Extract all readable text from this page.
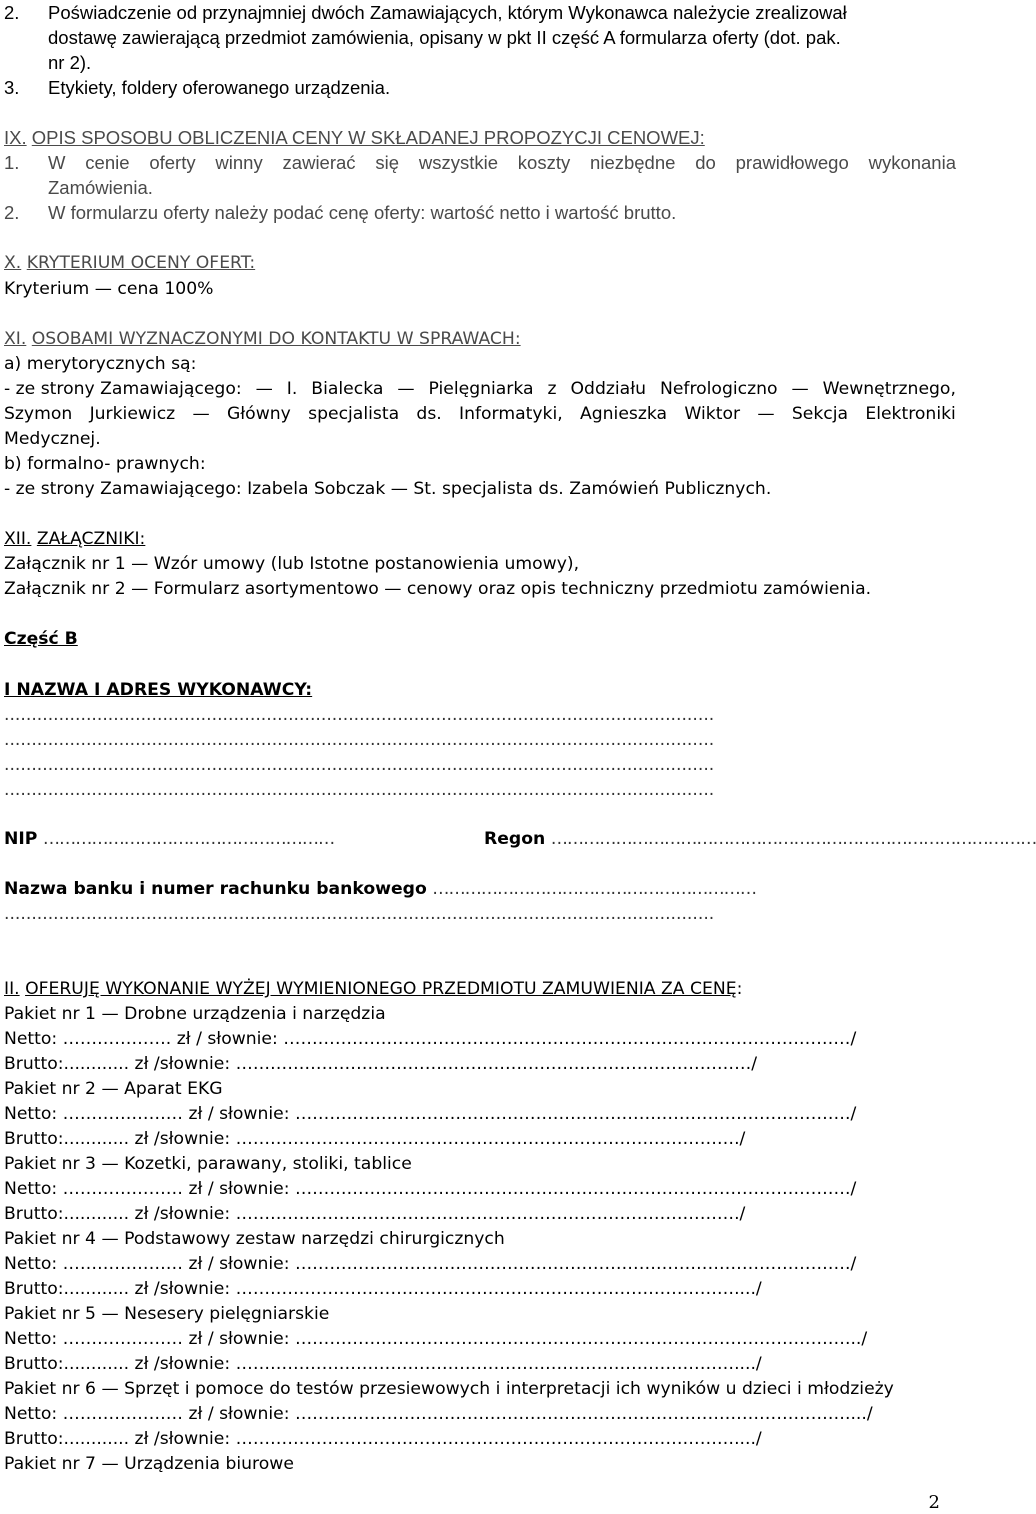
2.	Poświadczenie od przynajmniej dwóch Zamawiających, którym Wykonawca należycie zrealizował
dostawę zawierającą przedmiot zamówienia, opisany w pkt II część A formularza oferty (dot. pak.
nr 2).
3.	Etykiety, foldery oferowanego urządzenia.
IX. OPIS SPOSOBU OBLICZENIA CENY W SKŁADANEJ PROPOZYCJI CENOWEJ:
1.	W cenie oferty winny zawierać się wszystkie koszty niezbędne do prawidłowego wykonania
Zamówienia.
2.	W formularzu oferty należy podać cenę oferty: wartość netto i wartość brutto.
X. KRYTERIUM OCENY OFERT:
Kryterium — cena 100%
XI. OSOBAMI WYZNACZONYMI DO KONTAKTU W SPRAWACH:
a) merytorycznych są:
- ze strony Zamawiającego: — I. Bialecka — Pielęgniarka z Oddziału Nefrologiczno — Wewnętrznego,
Szymon Jurkiewicz — Główny specjalista ds. Informatyki, Agnieszka Wiktor — Sekcja Elektroniki
Medycznej.
b) formalno- prawnych:
- ze strony Zamawiającego: Izabela Sobczak — St. specjalista ds. Zamówień Publicznych.
XII. ZAŁĄCZNIKI:
Załącznik nr 1 — Wzór umowy (lub Istotne postanowienia umowy),
Załącznik nr 2 — Formularz asortymentowo — cenowy oraz opis techniczny przedmiotu zamówienia.
Część B
I NAZWA I ADRES WYKONAWCY:
..................................................................................................................................
..................................................................................................................................
..................................................................................................................................
..................................................................................................................................
NIP ………………………………………………	Regon ………………………………………………………………………………
Nazwa banku i numer rachunku bankowego ……………………………………………………
..................................................................................................................................
II. OFERUJĘ WYKONANIE WYŻEJ WYMIENIONEGO PRZEDMIOTU ZAMUWIENIA ZA CENĘ:
Pakiet nr 1 — Drobne urządzenia i narzędzia
Netto: ………………. zł / słownie: ………………………………………………………………………………………/
Brutto:............ zł /słownie: ………………………………………………………………………………/
Pakiet nr 2 — Aparat EKG
Netto: ………………… zł / słownie: ……………………………………………………………………………………./
Brutto:............ zł /słownie: ……………………………………………………………………………./
Pakiet nr 3 — Kozetki, parawany, stoliki, tablice
Netto: ………………… zł / słownie: ……………………………………………………………………………………./
Brutto:............ zł /słownie: ……………………………………………………………………………./
Pakiet nr 4 — Podstawowy zestaw narzędzi chirurgicznych
Netto: ………………… zł / słownie: ……………………………………………………………………………………./
Brutto:............ zł /słownie: ……………………………………………………………………………..../
Pakiet nr 5 — Nesesery pielęgniarskie
Netto: ………………… zł / słownie: …………………………………………………………………………………….../
Brutto:............ zł /słownie: ……………………………………………………………………………..../
Pakiet nr 6 — Sprzęt i pomoce do testów przesiewowych i interpretacji ich wyników u dzieci i młodzieży
Netto: ………………… zł / słownie: ……………………………………………………………………………………..../
Brutto:............ zł /słownie: ……………………………………………………………………………..../
Pakiet nr 7 — Urządzenia biurowe
2
